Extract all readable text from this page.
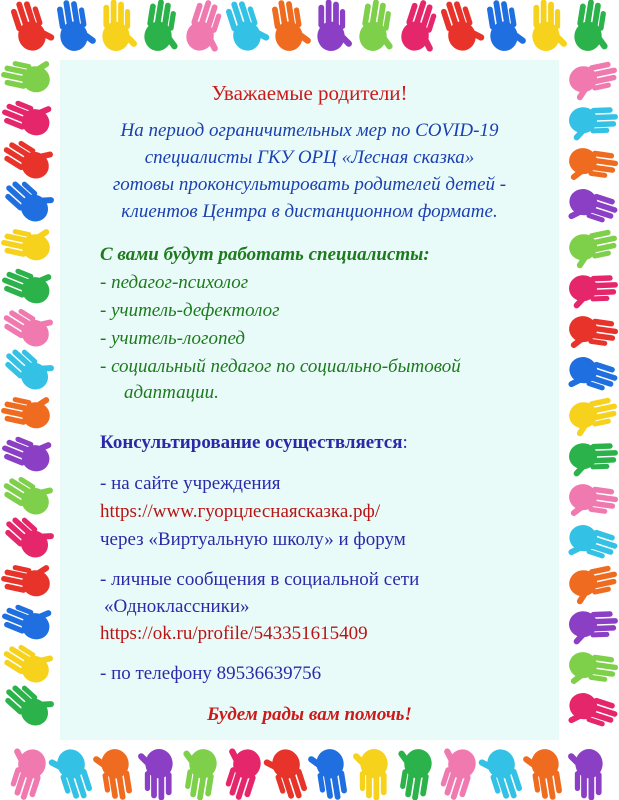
Уважаемые родители!
На период ограничительных мер по COVID-19
специалисты ГКУ ОРЦ «Лесная сказка»
готовы проконсультировать родителей детей -
клиентов Центра в дистанционном формате.
С вами будут работать специалисты:
- педагог-психолог
- учитель-дефектолог
- учитель-логопед
- социальный педагог по социально-бытовой
адаптации.
Консультирование осуществляется:
- на сайте учреждения
https://www.гуорцлеснаясказка.рф/
через «Виртуальную школу» и форум
- личные сообщения в социальной сети
«Одноклассники»
https://ok.ru/profile/543351615409
- по телефону 89536639756
Будем рады вам помочь!
